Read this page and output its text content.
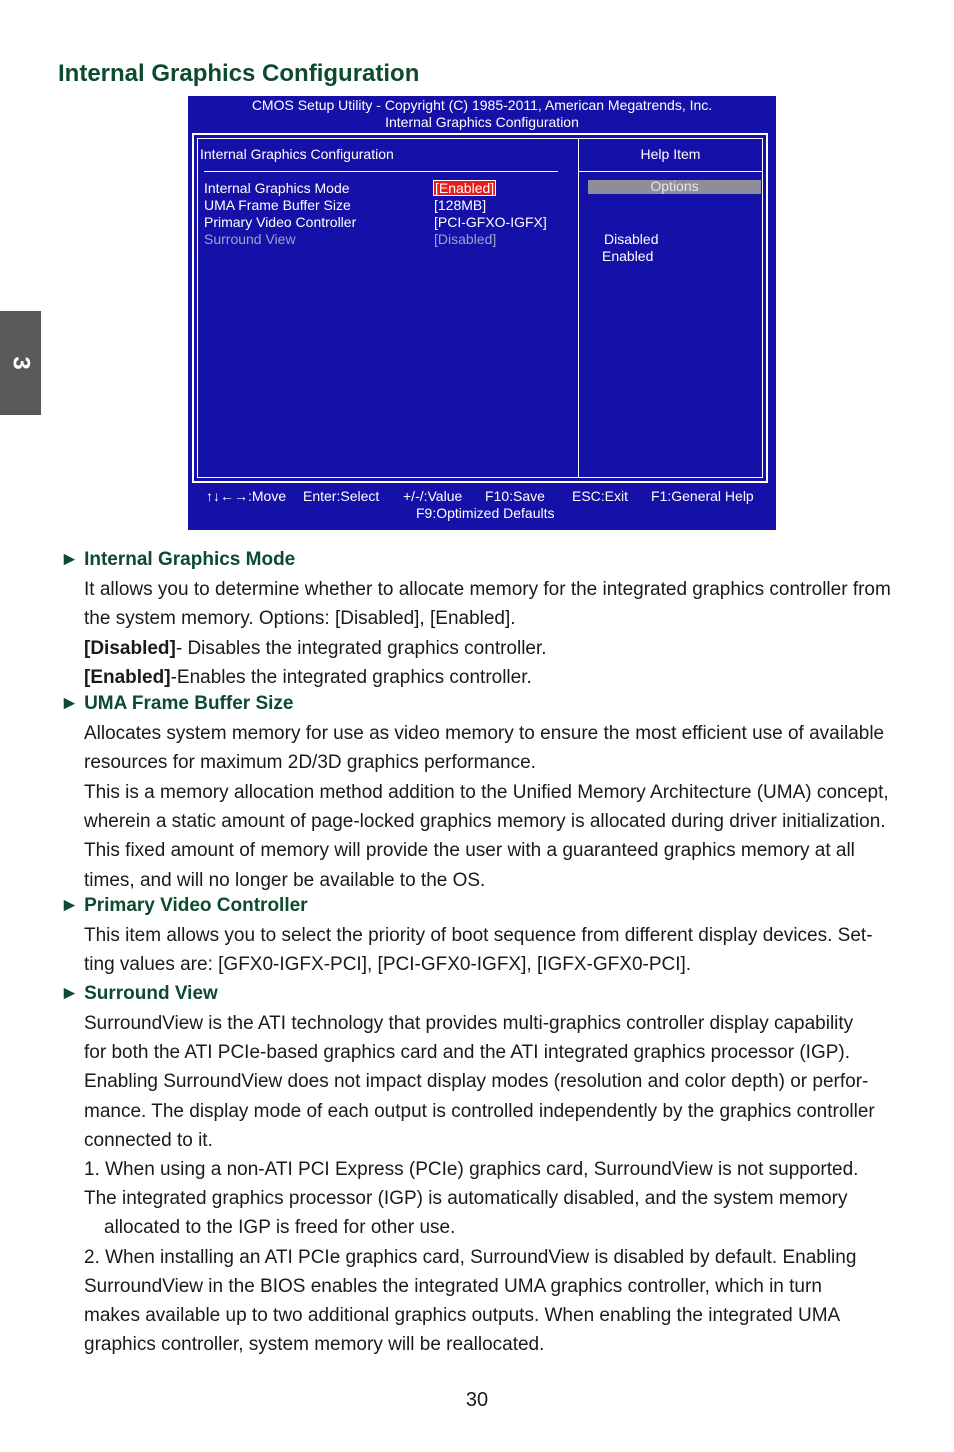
Internal Graphics Configuration
3
CMOS Setup Utility - Copyright (C) 1985-2011, American Megatrends, Inc.
Internal Graphics Configuration
Internal Graphics Configuration
Internal Graphics Mode	[Enabled]
UMA Frame Buffer Size	[128MB]
Primary Video Controller	[PCI-GFXO-IGFX]
Surround View	[Disabled]
Help Item
Options
Disabled
Enabled
↑↓←→:Move Enter:Select +/-/:Value F10:Save ESC:Exit F1:General Help
F9:Optimized Defaults
► Internal Graphics Mode

It allows you to determine whether to allocate memory for the integrated graphics controller from the system memory. Options: [Disabled], [Enabled].

[Disabled]- Disables the integrated graphics controller.

[Enabled]-Enables the integrated graphics controller.

► UMA Frame Buffer Size

Allocates system memory for use as video memory to ensure the most efficient use of available resources for maximum 2D/3D graphics performance.

This is a memory allocation method addition to the Unified Memory Architecture (UMA) concept, wherein a static amount of page-locked graphics memory is allocated during driver initialization. This fixed amount of memory will provide the user with a guaranteed graphics memory at all times, and will no longer be available to the OS.

► Primary Video Controller
This item allows you to select the priority of boot sequence from different display devices. Set-
ting values are: [GFX0-IGFX-PCI], [PCI-GFX0-IGFX], [IGFX-GFX0-PCI].
► Surround View
SurroundView is the ATI technology that provides multi-graphics controller display capability
for both the ATI PCIe-based graphics card and the ATI integrated graphics processor (IGP).
Enabling SurroundView does not impact display modes (resolution and color depth) or perfor-
mance. The display mode of each output is controlled independently by the graphics controller
connected to it.
1. When using a non-ATI PCI Express (PCIe) graphics card, SurroundView is not supported.
The integrated graphics processor (IGP) is automatically disabled, and the system memory
allocated to the IGP is freed for other use.
2. When installing an ATI PCIe graphics card, SurroundView is disabled by default. Enabling
SurroundView in the BIOS enables the integrated UMA graphics controller, which in turn
makes available up to two additional graphics outputs. When enabling the integrated UMA
graphics controller, system memory will be reallocated.
30
